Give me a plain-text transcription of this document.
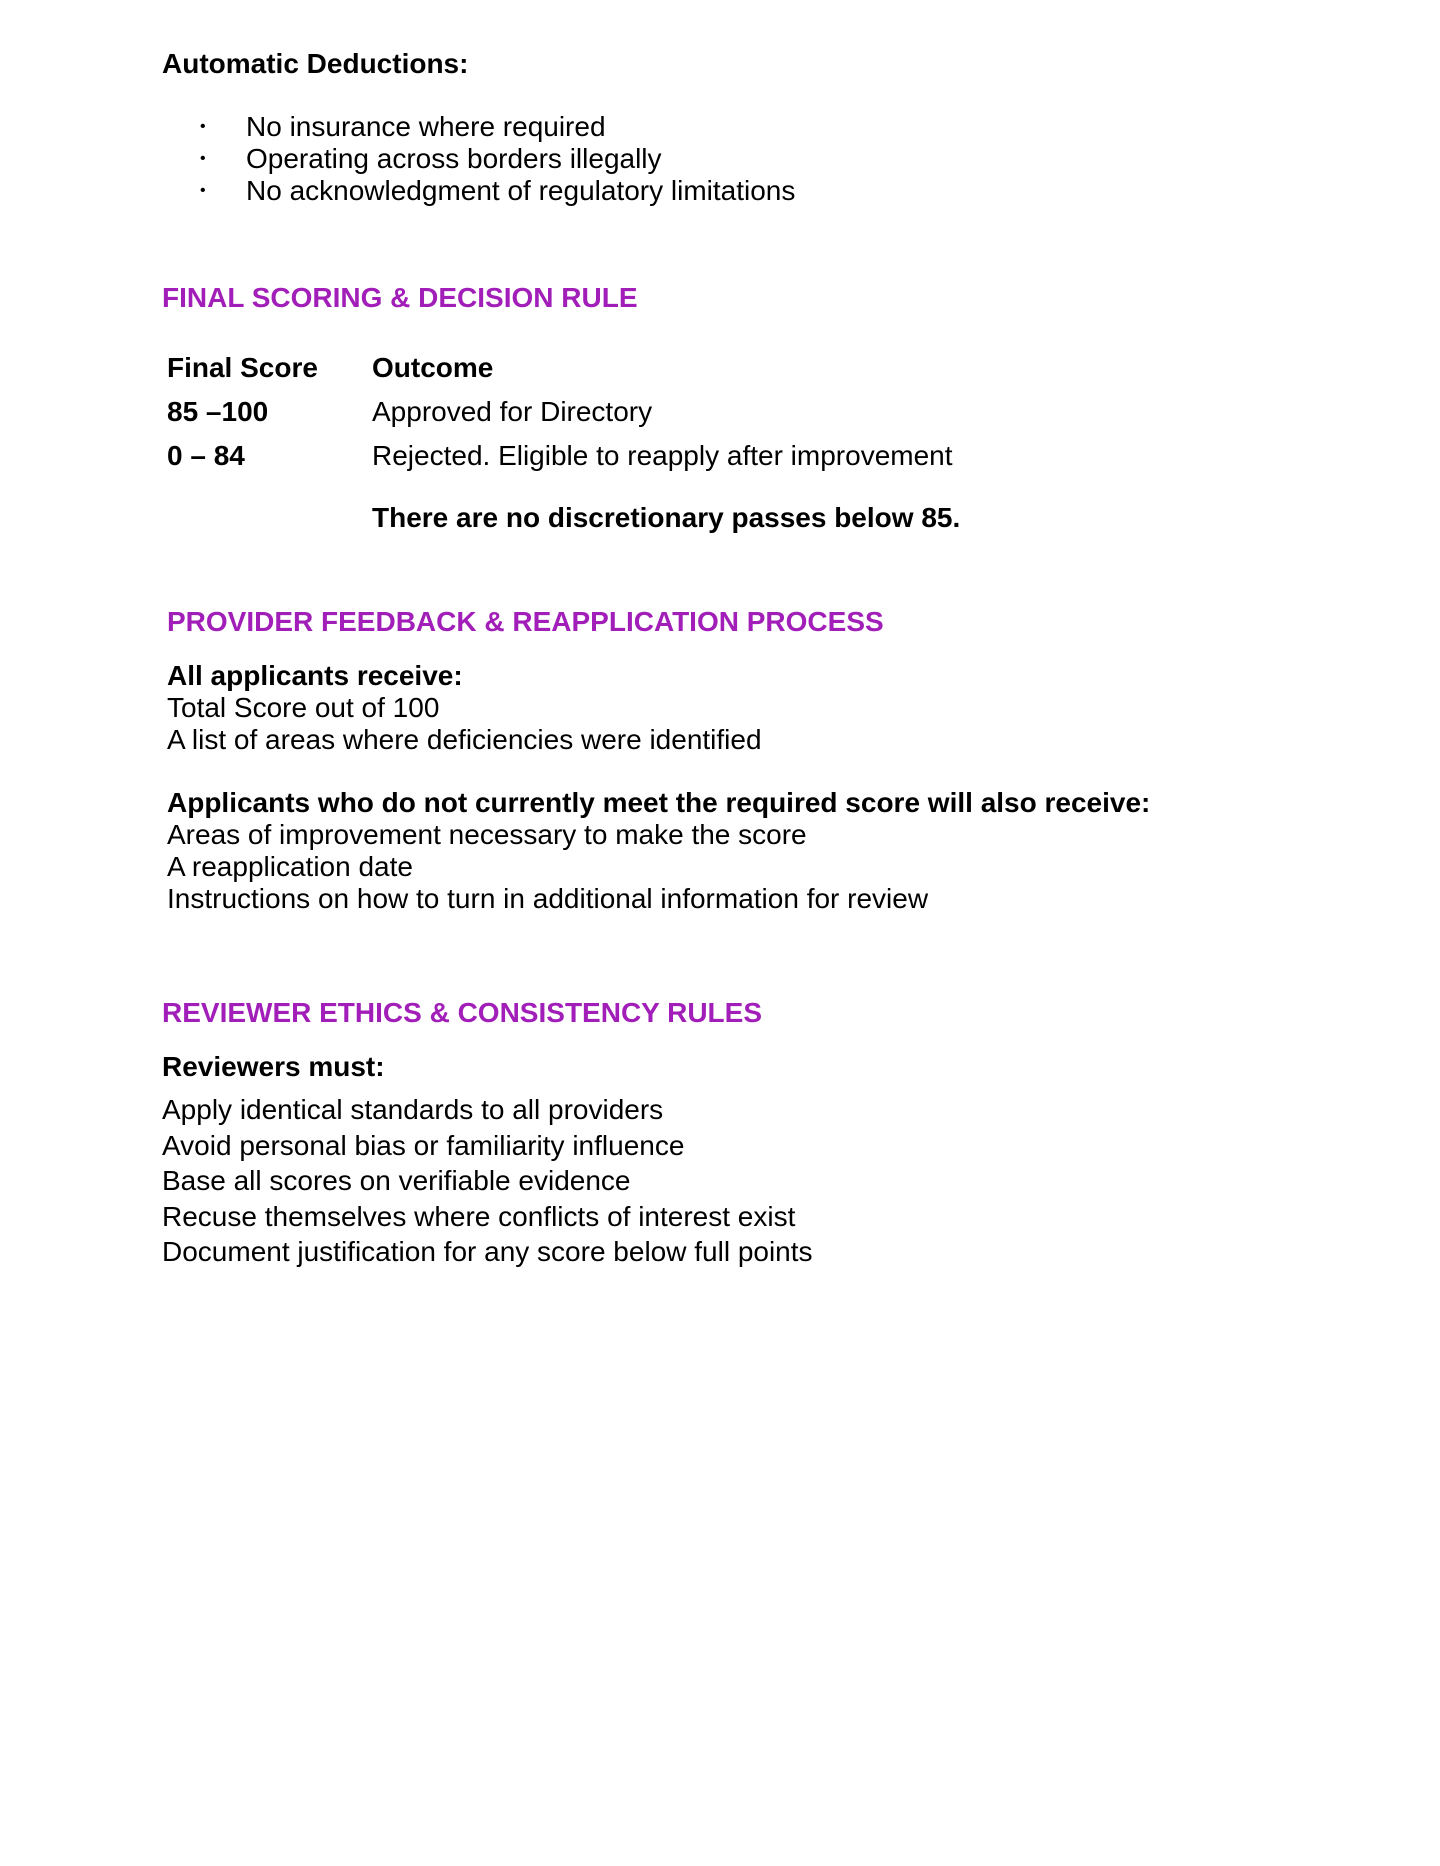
Automatic Deductions:
• No insurance where required
• Operating across borders illegally
• No acknowledgment of regulatory limitations
FINAL SCORING & DECISION RULE
Final Score	Outcome
85 –100	Approved for Directory
0 – 84	Rejected. Eligible to reapply after improvement
There are no discretionary passes below 85.
PROVIDER FEEDBACK & REAPPLICATION PROCESS
All applicants receive:
Total Score out of 100
A list of areas where deficiencies were identified
Applicants who do not currently meet the required score will also receive:
Areas of improvement necessary to make the score
A reapplication date
Instructions on how to turn in additional information for review
REVIEWER ETHICS & CONSISTENCY RULES
Reviewers must:
Apply identical standards to all providers
Avoid personal bias or familiarity influence
Base all scores on verifiable evidence
Recuse themselves where conflicts of interest exist
Document justification for any score below full points
